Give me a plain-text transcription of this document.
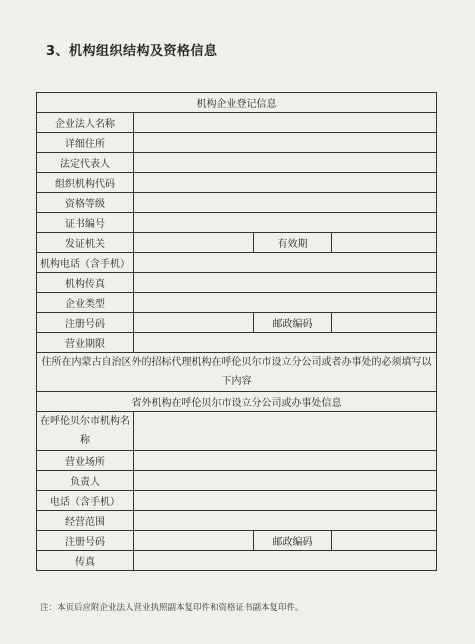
3、机构组织结构及资格信息
机构企业登记信息			
企业法人名称			
详细住所			
法定代表人			
组织机构代码			
资格等级			
证书编号			
发证机关		有效期	
机构电话（含手机）			
机构传真			
企业类型			
注册号码		邮政编码	
营业期限			
住所在内蒙古自治区外的招标代理机构在呼伦贝尔市设立分公司或者办事处的必须填写以下内容			
省外机构在呼伦贝尔市设立分公司或办事处信息			
在呼伦贝尔市机构名称			
营业场所			
负责人			
电话（含手机）			
经营范围			
注册号码		邮政编码	
传真			
注：本页后应附企业法人营业执照副本复印件和资格证书副本复印件。
